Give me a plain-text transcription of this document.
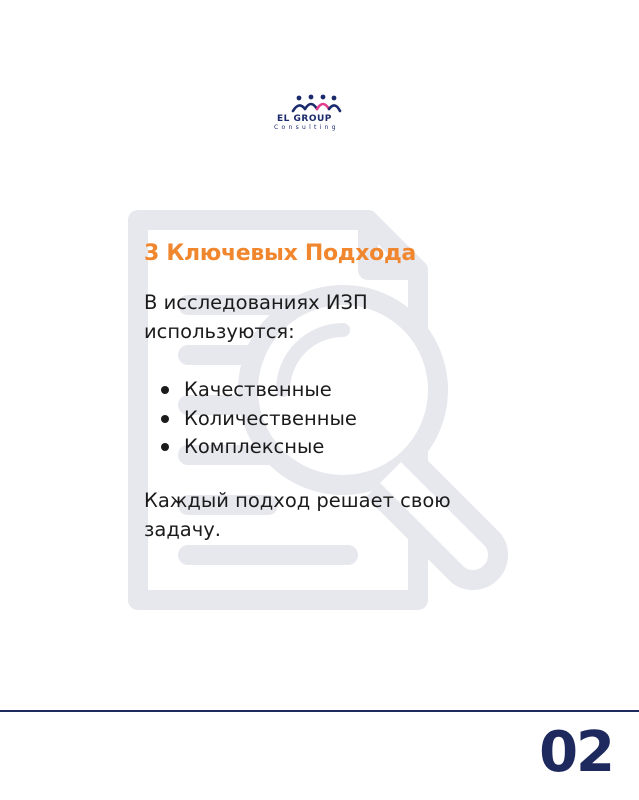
EL GROUP
Consulting
3 Ключевых Подхода
В исследованиях ИЗП используются:
Качественные
Количественные
Комплексные
Каждый подход решает свою задачу.
02
